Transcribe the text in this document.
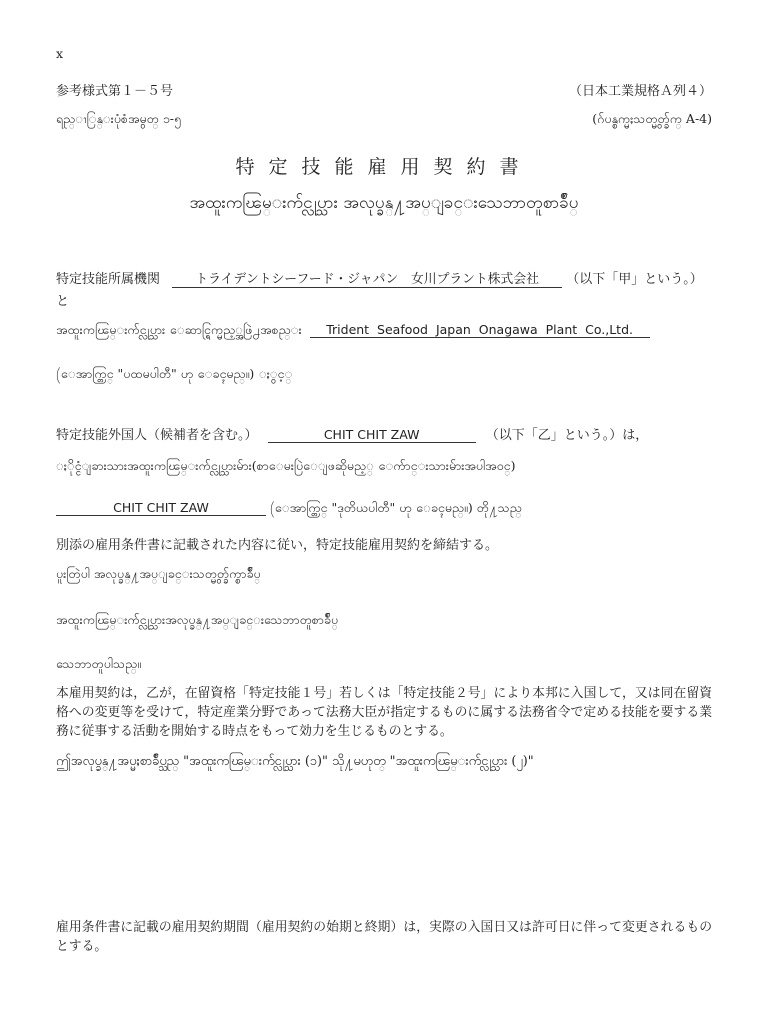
x
参考様式第１－５号	（日本工業規格Ａ列４）
ရည္ၫြန္းပုံစံအမွတ္ ၁-၅	(ဂ်ပန္စက္မႈသတ္မွတ္ခ်က္ A-4)
特定技能雇用契約書
အထူးကၽြမ္းက်င္လုပ္သား အလုပ္ခန္႔အပ္ျခင္းသေဘာတူစာခ်ဳပ္
特定技能所属機関	トライデントシーフード・ジャパン　女川プラント株式会社 （以下「甲」という。）
と
အထူးကၽြမ္းက်င္လုပ္သား ေဆာင္ရြက္မည့္အဖြဲ႕အစည္း Trident Seafood Japan Onagawa Plant Co.,Ltd.
(ေအာက္တြင္ "ပထမပါတီ" ဟု ေခၚမည္။) ႏွင့္
特定技能外国人（候補者を含む。）	CHIT CHIT ZAW	（以下「乙」という。）は，
ႏိုင္ငံျခားသားအထူးကၽြမ္းက်င္လုပ္သားမ်ား(စာေမးပြဲေျဖဆိုမည့္ ေက်ာင္းသားမ်ားအပါအဝင္)
CHIT CHIT ZAW	(ေအာက္တြင္ "ဒုတိယပါတီ" ဟု ေခၚမည္။) တို႔သည္
別添の雇用条件書に記載された内容に従い，特定技能雇用契約を締結する。
ပူးတြဲပါ အလုပ္ခန္႔အပ္ျခင္းသတ္မွတ္ခ်က္စာခ်ဳပ္
အထူးကၽြမ္းက်င္လုပ္သားအလုပ္ခန္႔အပ္ျခင္းသေဘာတူစာခ်ဳပ္
သေဘာတူပါသည္။
本雇用契約は，乙が，在留資格「特定技能１号」若しくは「特定技能２号」により本邦に入国して，又は同在留資格への変更等を受けて，特定産業分野であって法務大臣が指定するものに属する法務省令で定める技能を要する業務に従事する活動を開始する時点をもって効力を生じるものとする。
ဤအလုပ္ခန္႔အပ္မႈစာခ်ဳပ္သည္ "အထူးကၽြမ္းက်င္လုပ္သား (၁)" သို႔မဟုတ္ "အထူးကၽြမ္းက်င္လုပ္သား (၂)"
雇用条件書に記載の雇用契約期間（雇用契約の始期と終期）は，実際の入国日又は許可日に伴って変更されるものとする。
